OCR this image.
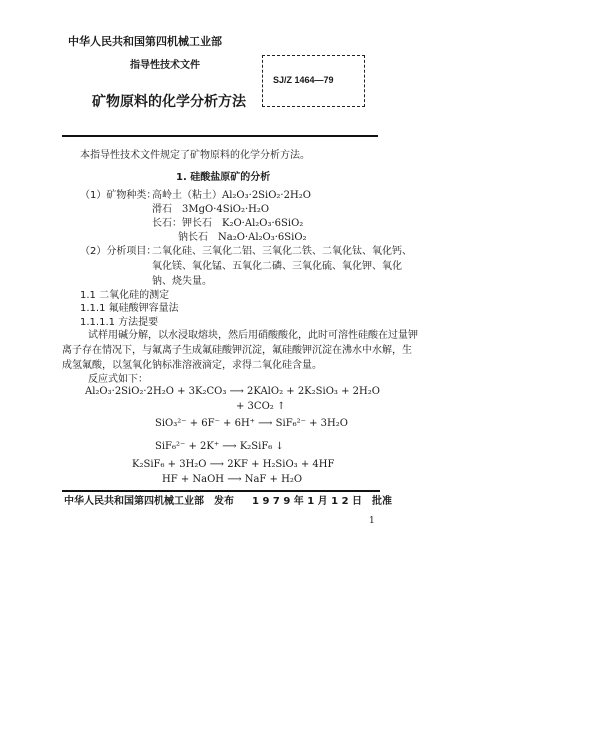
中华人民共和国第四机械工业部
指导性技术文件
矿物原料的化学分析方法
SJ/Z 1464—79
本指导性技术文件规定了矿物原料的化学分析方法。
1. 硅酸盐原矿的分析
（1）矿物种类：
高岭土（粘土）Al₂O₃·2SiO₂·2H₂O
滑石　3MgO·4SiO₂·H₂O
长石：钾长石　K₂O·Al₂O₃·6SiO₂
钠长石　Na₂O·Al₂O₃·6SiO₂
（2）分析项目：
二氧化硅、三氧化二铝、三氧化二铁、二氧化钛、氧化钙、
氧化镁、氧化锰、五氧化二磷、三氧化硫、氧化钾、氧化
钠、烧失量。
1.1 二氧化硅的测定
1.1.1 氟硅酸钾容量法
1.1.1.1 方法提要
试样用碱分解，以水浸取熔块，然后用硝酸酸化，此时可溶性硅酸在过量钾
离子存在情况下，与氟离子生成氟硅酸钾沉淀，氟硅酸钾沉淀在沸水中水解，生
成氢氟酸，以氢氧化钠标准溶液滴定，求得二氧化硅含量。
反应式如下：
Al₂O₃·2SiO₂·2H₂O + 3K₂CO₃ ⟶ 2KAlO₂ + 2K₂SiO₃ + 2H₂O
+ 3CO₂ ↑
SiO₃²⁻ + 6F⁻ + 6H⁺ ⟶ SiF₆²⁻ + 3H₂O
SiF₆²⁻ + 2K⁺ ⟶ K₂SiF₆ ↓
K₂SiF₆ + 3H₂O ⟶ 2KF + H₂SiO₃ + 4HF
HF + NaOH ⟶ NaF + H₂O
中华人民共和国第四机械工业部　发布 1 9 7 9 年 1 月 1 2 日　批准
1
